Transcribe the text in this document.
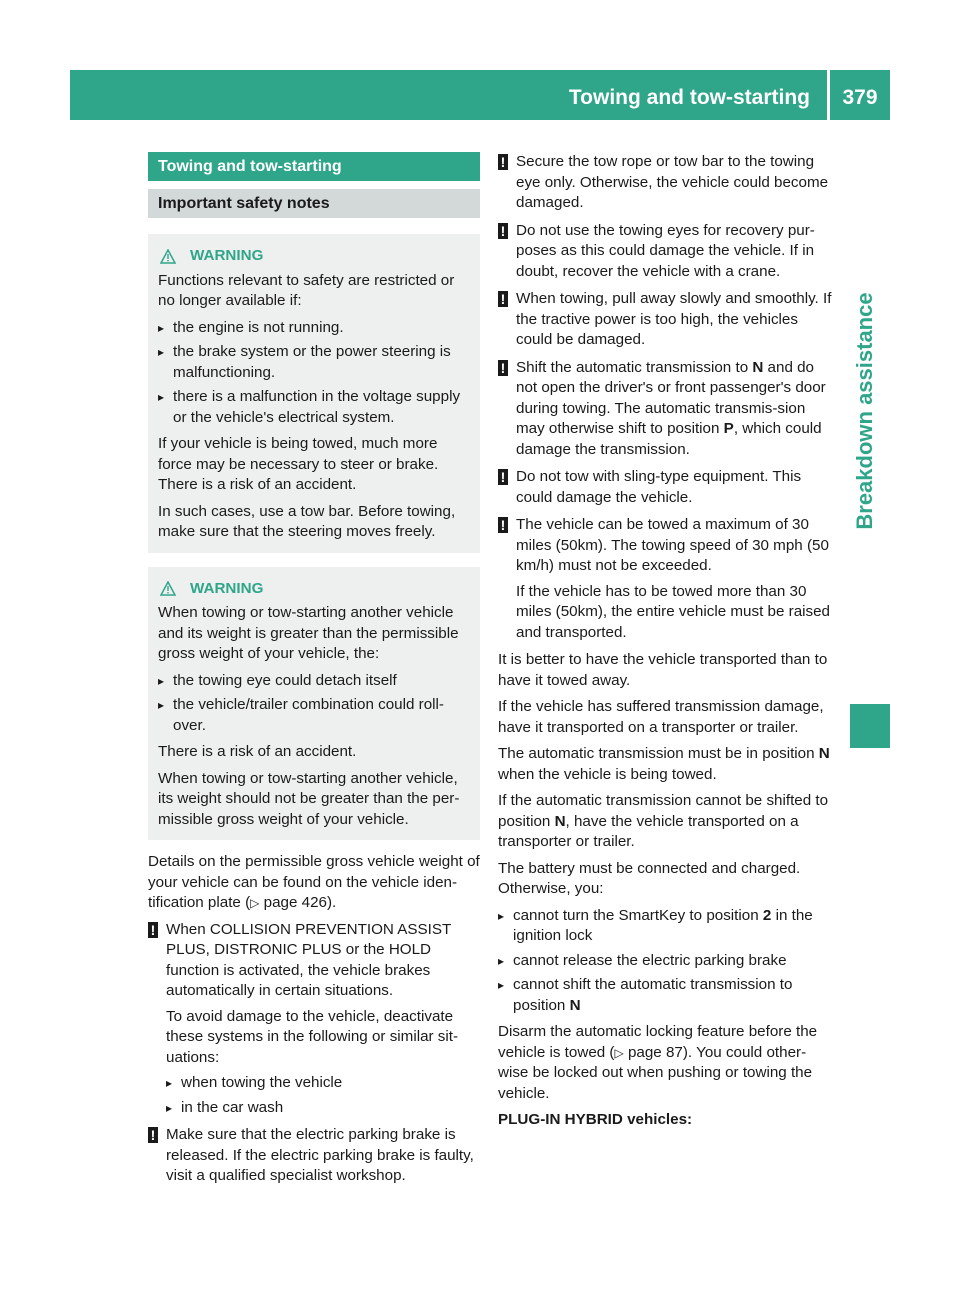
Towing and tow-starting	379
Breakdown assistance
Towing and tow-starting
Important safety notes
WARNING

Functions relevant to safety are restricted or no longer available if:

▸ the engine is not running.
▸ the brake system or the power steering is malfunctioning.
▸ there is a malfunction in the voltage supply or the vehicle's electrical system.

If your vehicle is being towed, much more force may be necessary to steer or brake. There is a risk of an accident.

In such cases, use a tow bar. Before towing, make sure that the steering moves freely.

WARNING

When towing or tow-starting another vehicle and its weight is greater than the permissible gross weight of your vehicle, the:

▸ the towing eye could detach itself
▸ the vehicle/trailer combination could roll-over.

There is a risk of an accident.

When towing or tow-starting another vehicle, its weight should not be greater than the per-missible gross weight of your vehicle.

Details on the permissible gross vehicle weight of your vehicle can be found on the vehicle iden-tification plate (▷ page 426).

! When COLLISION PREVENTION ASSIST PLUS, DISTRONIC PLUS or the HOLD function is activated, the vehicle brakes automatically in certain situations.

To avoid damage to the vehicle, deactivate these systems in the following or similar sit-uations:

▸ when towing the vehicle
▸ in the car wash
! Make sure that the electric parking brake is released. If the electric parking brake is faulty, visit a qualified specialist workshop.

! Secure the tow rope or tow bar to the towing eye only. Otherwise, the vehicle could become damaged.

! Do not use the towing eyes for recovery pur-poses as this could damage the vehicle. If in doubt, recover the vehicle with a crane.

! When towing, pull away slowly and smoothly. If the tractive power is too high, the vehicles could be damaged.

! Shift the automatic transmission to N and do not open the driver's or front passenger's door during towing. The automatic transmis-sion may otherwise shift to position P, which could damage the transmission.

! Do not tow with sling-type equipment. This could damage the vehicle.

! The vehicle can be towed a maximum of 30 miles (50km). The towing speed of 30 mph (50 km/h) must not be exceeded.

If the vehicle has to be towed more than 30 miles (50km), the entire vehicle must be raised and transported.

It is better to have the vehicle transported than to have it towed away.

If the vehicle has suffered transmission damage, have it transported on a transporter or trailer.

The automatic transmission must be in position N when the vehicle is being towed.

If the automatic transmission cannot be shifted to position N, have the vehicle transported on a transporter or trailer.

The battery must be connected and charged. Otherwise, you:

▸ cannot turn the SmartKey to position 2 in the ignition lock
▸ cannot release the electric parking brake
▸ cannot shift the automatic transmission to position N

Disarm the automatic locking feature before the vehicle is towed (▷ page 87). You could other-wise be locked out when pushing or towing the vehicle.

PLUG-IN HYBRID vehicles:
